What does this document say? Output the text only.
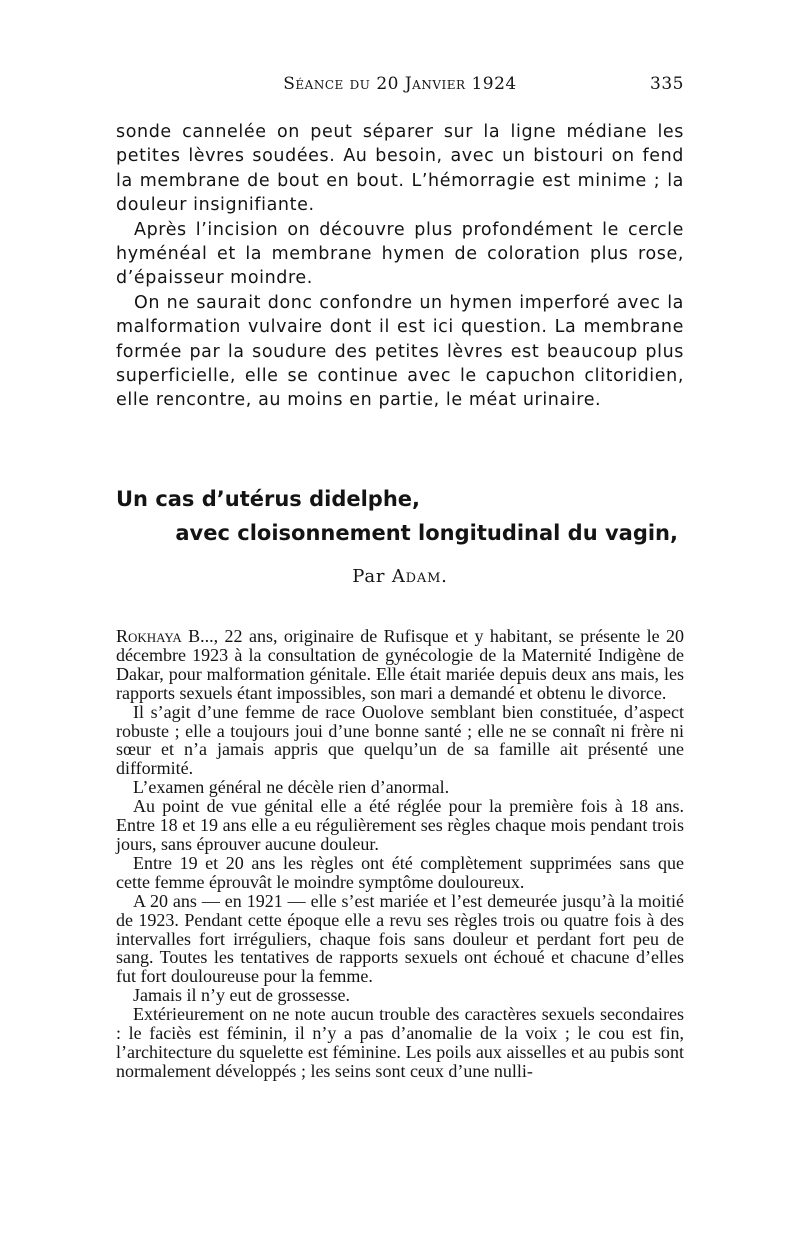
Séance du 20 Janvier 1924	335

sonde cannelée on peut séparer sur la ligne médiane les petites lèvres soudées. Au besoin, avec un bistouri on fend la membrane de bout en bout. L’hémorragie est minime ; la douleur insignifiante.

Après l’incision on découvre plus profondément le cercle hyménéal et la membrane hymen de coloration plus rose, d’épaisseur moindre.

On ne saurait donc confondre un hymen imperforé avec la malformation vulvaire dont il est ici question. La membrane formée par la soudure des petites lèvres est beaucoup plus superficielle, elle se continue avec le capuchon clitoridien, elle rencontre, au moins en partie, le méat urinaire.

Un cas d’utérus didelphe,
avec cloisonnement longitudinal du vagin,
Par Adam.

Rokhaya B..., 22 ans, originaire de Rufisque et y habitant, se présente le 20 décembre 1923 à la consultation de gynécologie de la Maternité Indigène de Dakar, pour malformation génitale. Elle était mariée depuis deux ans mais, les rapports sexuels étant impossibles, son mari a demandé et obtenu le divorce.

Il s’agit d’une femme de race Ouolove semblant bien constituée, d’aspect robuste ; elle a toujours joui d’une bonne santé ; elle ne se connaît ni frère ni sœur et n’a jamais appris que quelqu’un de sa famille ait présenté une difformité.

L’examen général ne décèle rien d’anormal.

Au point de vue génital elle a été réglée pour la première fois à 18 ans. Entre 18 et 19 ans elle a eu régulièrement ses règles chaque mois pendant trois jours, sans éprouver aucune douleur.

Entre 19 et 20 ans les règles ont été complètement supprimées sans que cette femme éprouvât le moindre symptôme douloureux.

A 20 ans — en 1921 — elle s’est mariée et l’est demeurée jusqu’à la moitié de 1923. Pendant cette époque elle a revu ses règles trois ou quatre fois à des intervalles fort irréguliers, chaque fois sans douleur et perdant fort peu de sang. Toutes les tentatives de rapports sexuels ont échoué et chacune d’elles fut fort douloureuse pour la femme.

Jamais il n’y eut de grossesse.

Extérieurement on ne note aucun trouble des caractères sexuels secondaires : le faciès est féminin, il n’y a pas d’anomalie de la voix ; le cou est fin, l’architecture du squelette est féminine. Les poils aux aisselles et au pubis sont normalement développés ; les seins sont ceux d’une nulli-
